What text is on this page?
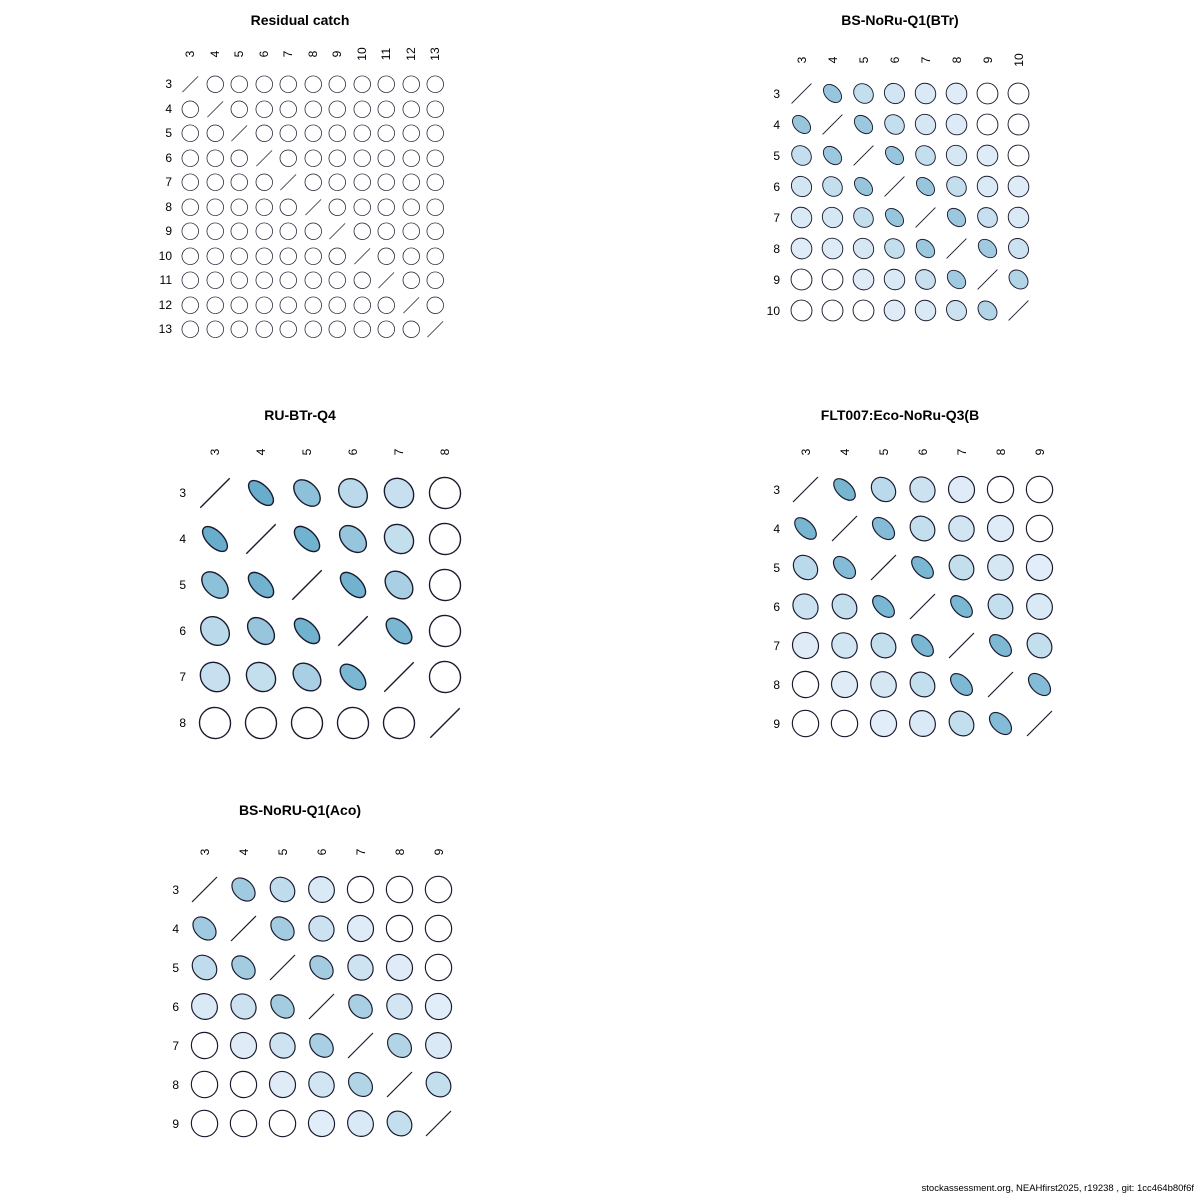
Residual catch
3 4 5 6 7 8 9 10 11 12 13
3
4
5
6
7
8
9
10
11
12
13
BS-NoRu-Q1(BTr)
3 4 5 6 7 8 9 10
3
4
5
6
7
8
9
10
RU-BTr-Q4
3	4	5	6	7	8
3
4
5
6
7
8
FLT007:Eco-NoRu-Q3(B
3 4 5 6 7 8 9
3
4
5
6
7
8
9
BS-NoRU-Q1(Aco)
3 4 5 6 7 8 9
3
4
5
6
7
8
9
stockassessment.org, NEAHfirst2025, r19238 , git: 1cc464b80f6f
